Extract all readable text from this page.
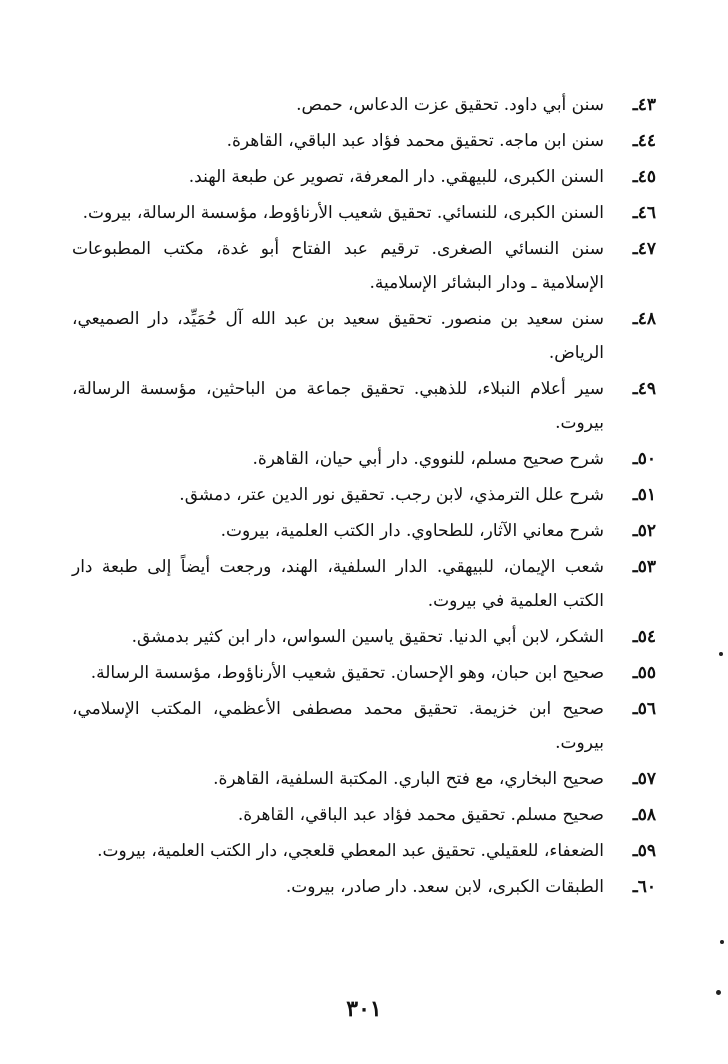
٤٣ـ
سنن أبي داود. تحقيق عزت الدعاس، حمص.
٤٤ـ
سنن ابن ماجه. تحقيق محمد فؤاد عبد الباقي، القاهرة.
٤٥ـ
السنن الكبرى، للبيهقي. دار المعرفة، تصوير عن طبعة الهند.
٤٦ـ
السنن الكبرى، للنسائي. تحقيق شعيب الأرناؤوط، مؤسسة الرسالة، بيروت.
٤٧ـ
سنن النسائي الصغرى. ترقيم عبد الفتاح أبو غدة، مكتب المطبوعات الإسلامية ـ ودار البشائر الإسلامية.
٤٨ـ
سنن سعيد بن منصور. تحقيق سعيد بن عبد الله آل حُمَيِّد، دار الصميعي، الرياض.
٤٩ـ
سير أعلام النبلاء، للذهبي. تحقيق جماعة من الباحثين، مؤسسة الرسالة، بيروت.
٥٠ـ
شرح صحيح مسلم، للنووي. دار أبي حيان، القاهرة.
٥١ـ
شرح علل الترمذي، لابن رجب. تحقيق نور الدين عتر، دمشق.
٥٢ـ
شرح معاني الآثار، للطحاوي. دار الكتب العلمية، بيروت.
٥٣ـ
شعب الإيمان، للبيهقي. الدار السلفية، الهند، ورجعت أيضاً إلى طبعة دار الكتب العلمية في بيروت.
٥٤ـ
الشكر، لابن أبي الدنيا. تحقيق ياسين السواس، دار ابن كثير بدمشق.
٥٥ـ
صحيح ابن حبان، وهو الإحسان. تحقيق شعيب الأرناؤوط، مؤسسة الرسالة.
٥٦ـ
صحيح ابن خزيمة. تحقيق محمد مصطفى الأعظمي، المكتب الإسلامي، بيروت.
٥٧ـ
صحيح البخاري، مع فتح الباري. المكتبة السلفية، القاهرة.
٥٨ـ
صحيح مسلم. تحقيق محمد فؤاد عبد الباقي، القاهرة.
٥٩ـ
الضعفاء، للعقيلي. تحقيق عبد المعطي قلعجي، دار الكتب العلمية، بيروت.
٦٠ـ
الطبقات الكبرى، لابن سعد. دار صادر، بيروت.
٣٠١
